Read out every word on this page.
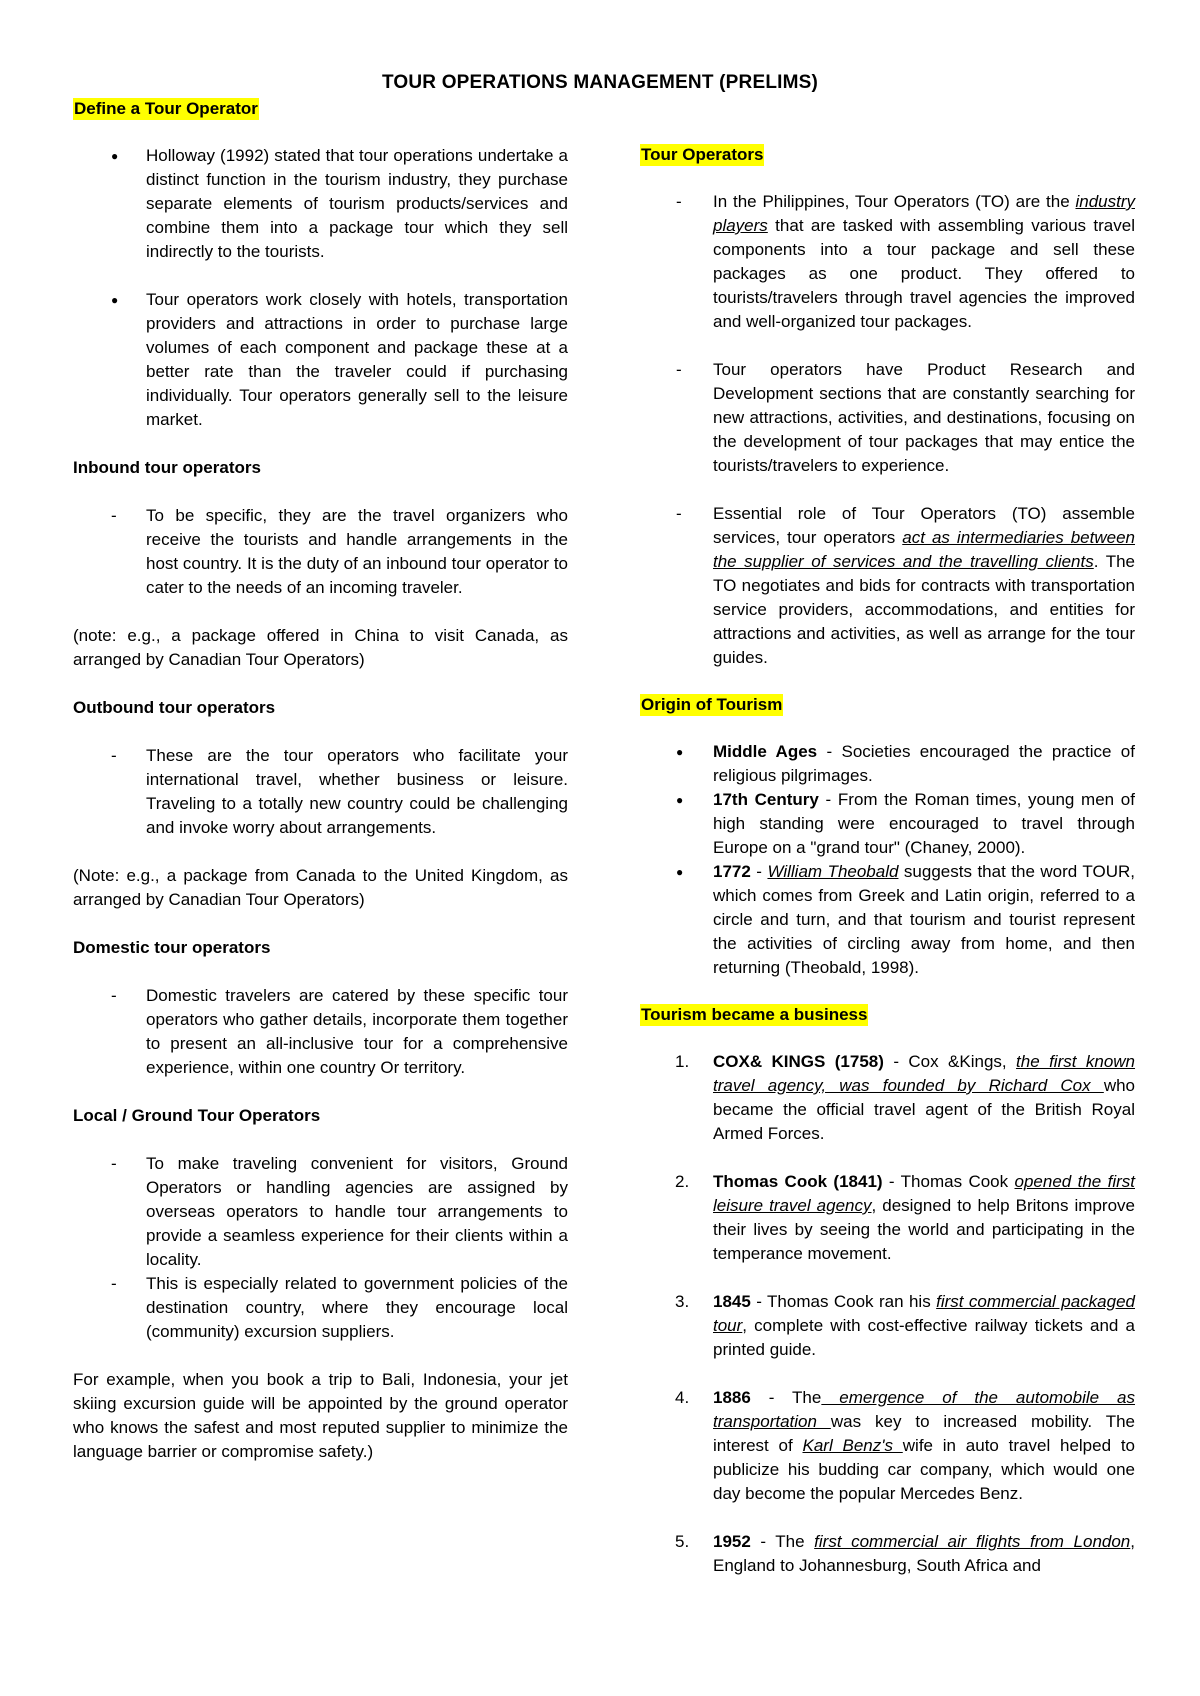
TOUR OPERATIONS MANAGEMENT (PRELIMS)
Define a Tour Operator
●
Holloway (1992) stated that tour operations undertake a distinct function in the tourism industry, they purchase separate elements of tourism products/services and combine them into a package tour which they sell indirectly to the tourists.
●
Tour operators work closely with hotels, transportation providers and attractions in order to purchase large volumes of each component and package these at a better rate than the traveler could if purchasing individually. Tour operators generally sell to the leisure market.
Inbound tour operators
-	To be specific, they are the travel organizers who receive the tourists and handle arrangements in the host country. It is the duty of an inbound tour operator to cater to the needs of an incoming traveler.

(note: e.g., a package offered in China to visit Canada, as arranged by Canadian Tour Operators)

Outbound tour operators
-	These are the tour operators who facilitate your international travel, whether business or leisure. Traveling to a totally new country could be challenging and invoke worry about arrangements.

(Note: e.g., a package from Canada to the United Kingdom, as arranged by Canadian Tour Operators)

Domestic tour operators
-	Domestic travelers are catered by these specific tour operators who gather details, incorporate them together to present an all-inclusive tour for a comprehensive experience, within one country Or territory.
Local / Ground Tour Operators
-	To make traveling convenient for visitors, Ground Operators or handling agencies are assigned by overseas operators to handle tour arrangements to provide a seamless experience for their clients within a locality.
-	This is especially related to government policies of the destination country, where they encourage local (community) excursion suppliers.

For example, when you book a trip to Bali, Indonesia, your jet skiing excursion guide will be appointed by the ground operator who knows the safest and most reputed supplier to minimize the language barrier or compromise safety.)

Tour Operators
-	In the Philippines, Tour Operators (TO) are the industry players that are tasked with assembling various travel components into a tour package and sell these packages as one product. They offered to tourists/travelers through travel agencies the improved and well-organized tour packages.
-	Tour operators have Product Research and Development sections that are constantly searching for new attractions, activities, and destinations, focusing on the development of tour packages that may entice the tourists/travelers to experience.
-	Essential role of Tour Operators (TO) assemble services, tour operators act as intermediaries between the supplier of services and the travelling clients. The TO negotiates and bids for contracts with transportation service providers, accommodations, and entities for attractions and activities, as well as arrange for the tour guides.
Origin of Tourism
●
Middle Ages - Societies encouraged the practice of religious pilgrimages.
●
17th Century - From the Roman times, young men of high standing were encouraged to travel through Europe on a "grand tour" (Chaney, 2000).
●
1772 - William Theobald suggests that the word TOUR, which comes from Greek and Latin origin, referred to a circle and turn, and that tourism and tourist represent the activities of circling away from home, and then returning (Theobald, 1998).
Tourism became a business
1.	COX& KINGS (1758) - Cox &Kings, the first known travel agency, was founded by Richard Cox who became the official travel agent of the British Royal Armed Forces.
2.	Thomas Cook (1841) - Thomas Cook opened the first leisure travel agency, designed to help Britons improve their lives by seeing the world and participating in the temperance movement.
3.	1845 - Thomas Cook ran his first commercial packaged tour, complete with cost-effective railway tickets and a printed guide.
4.	1886 - The emergence of the automobile as transportation was key to increased mobility. The interest of Karl Benz's wife in auto travel helped to publicize his budding car company, which would one day become the popular Mercedes Benz.
5.	1952 - The first commercial air flights from London, England to Johannesburg, South Africa and
